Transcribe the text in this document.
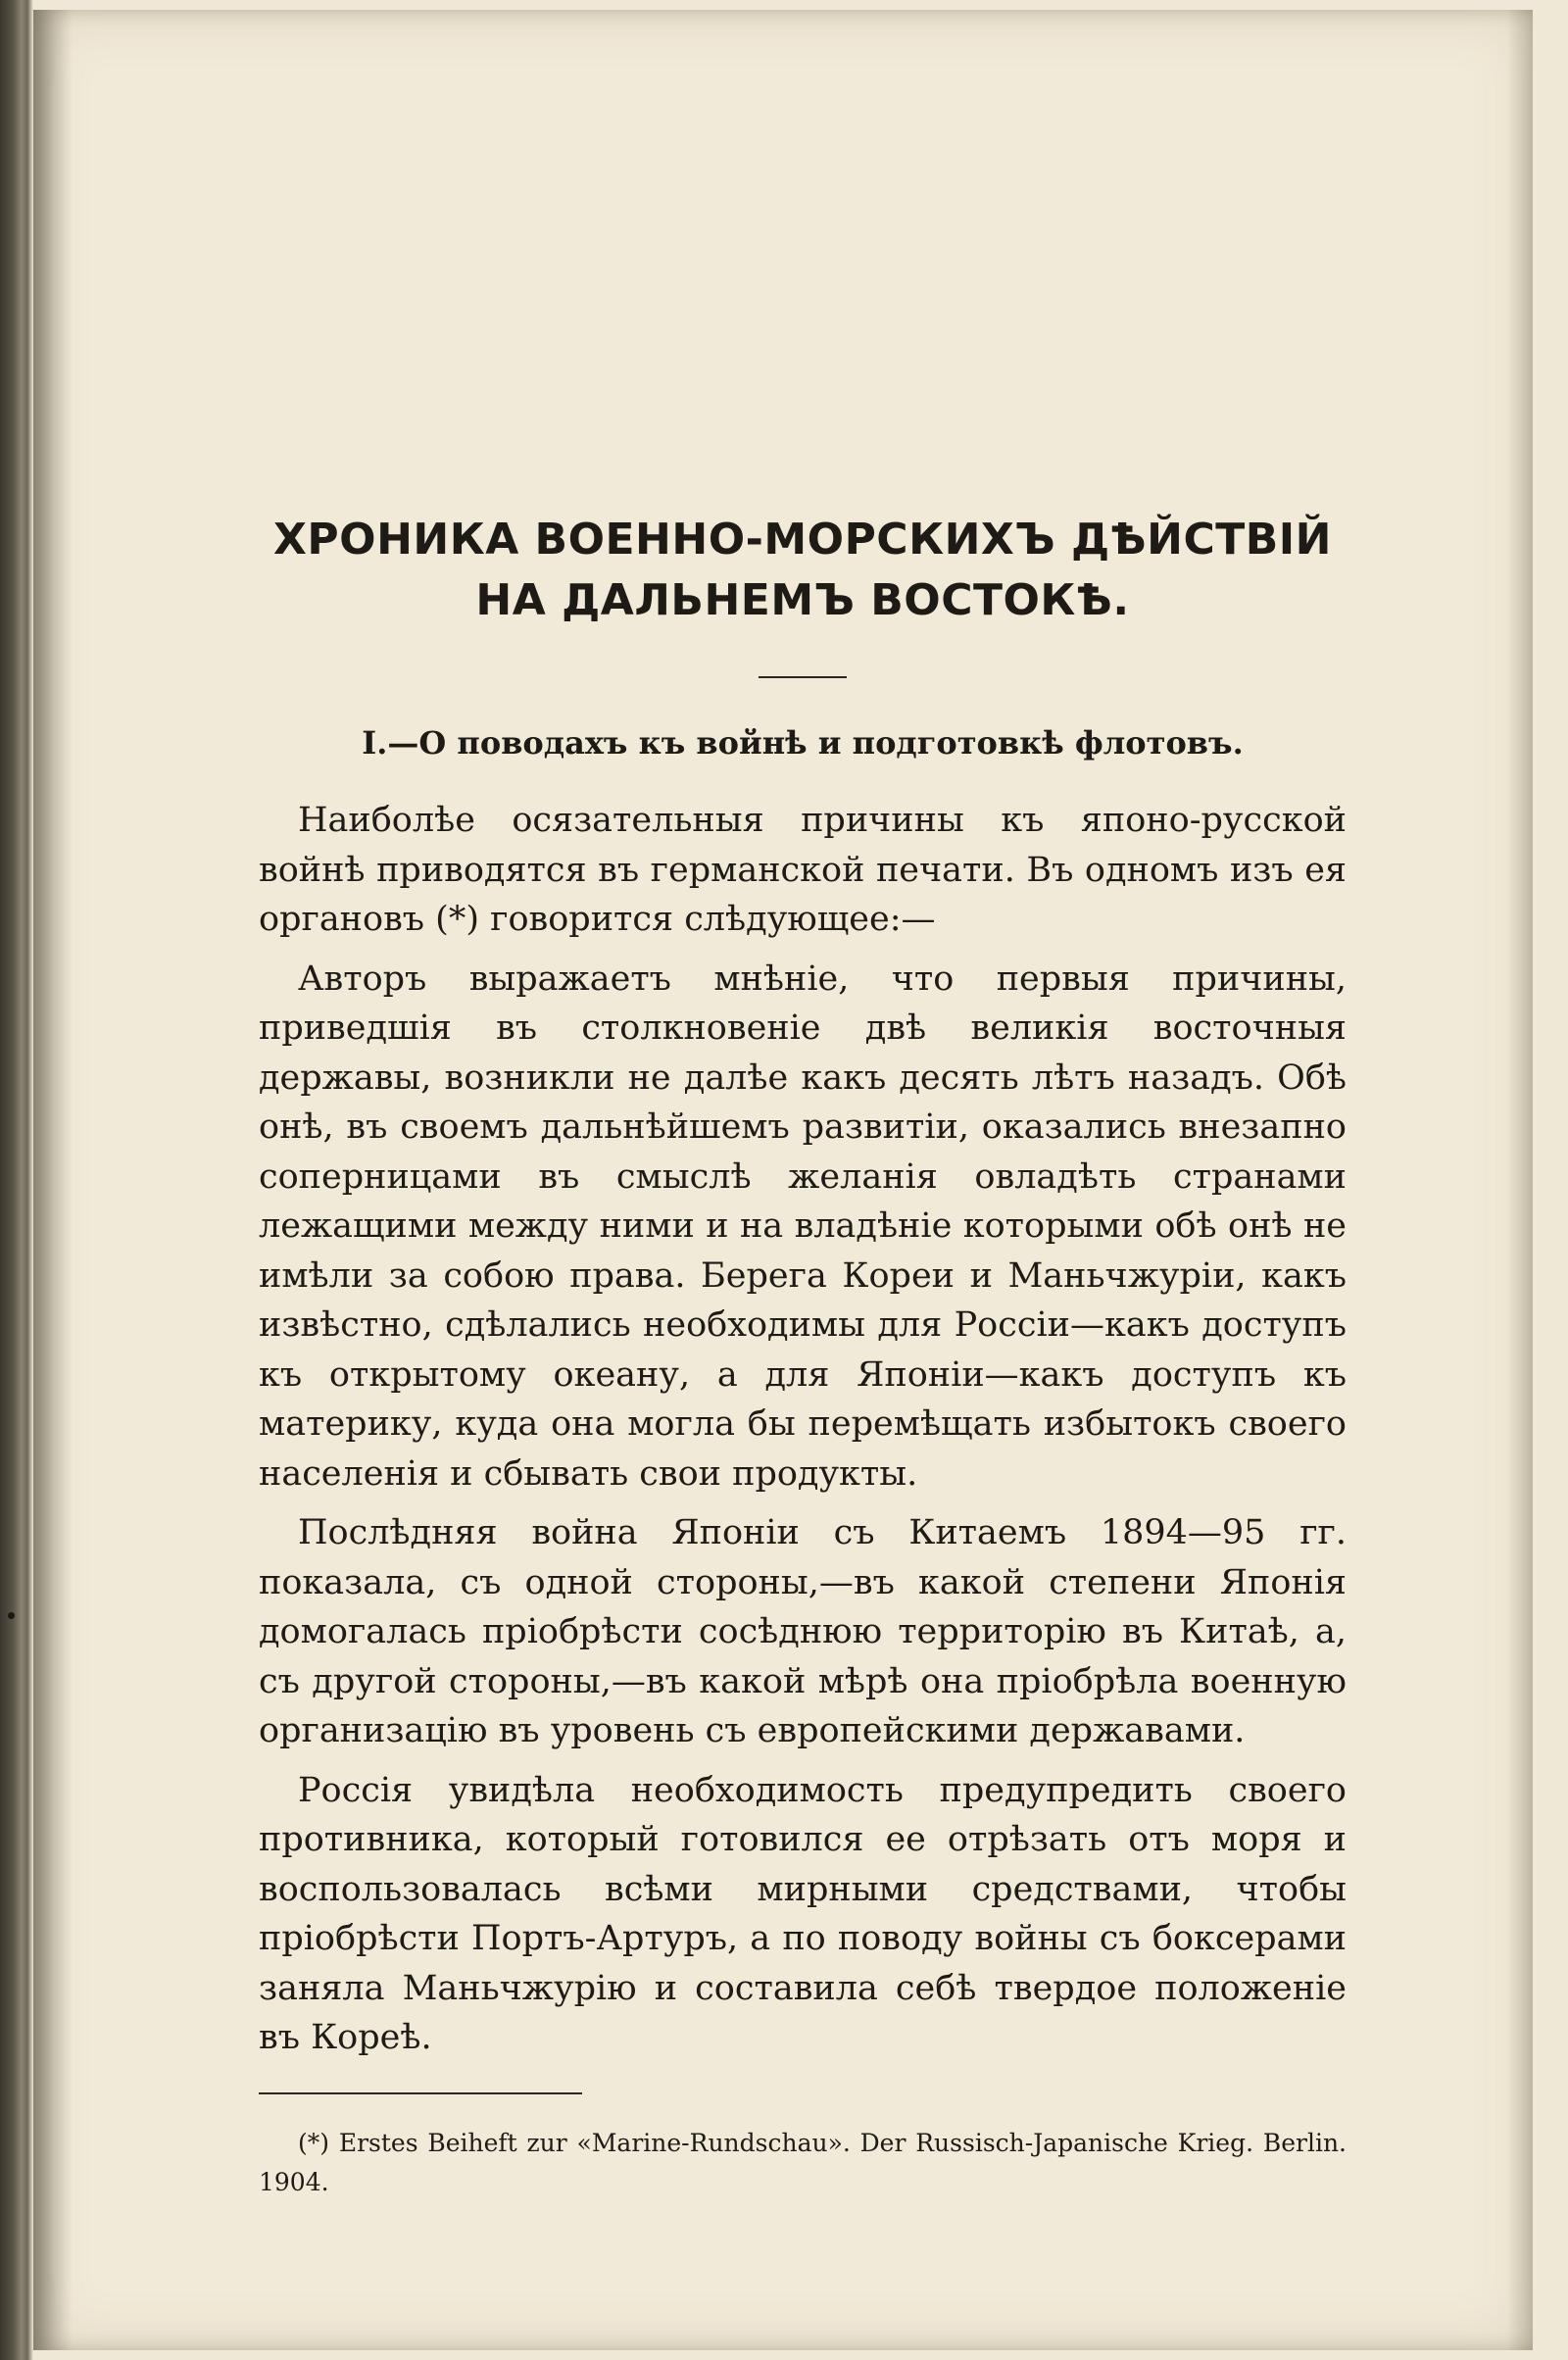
ХРОНИКА ВОЕННО-МОРСКИХЪ ДѢЙСТВІЙ НА ДАЛЬНЕМЪ ВОСТОКѢ.
I.—О поводахъ къ войнѣ и подготовкѣ флотовъ.

Наиболѣе осязательныя причины къ японо-русской войнѣ приводятся въ германской печати. Въ одномъ изъ ея органовъ (*) говорится слѣдующее:—

Авторъ выражаетъ мнѣніе, что первыя причины, приведшія въ столкновеніе двѣ великія восточныя державы, возникли не далѣе какъ десять лѣтъ назадъ. Обѣ онѣ, въ своемъ дальнѣйшемъ развитіи, оказались внезапно соперницами въ смыслѣ желанія овладѣть странами лежащими между ними и на владѣніе которыми обѣ онѣ не имѣли за собою права. Берега Кореи и Маньчжуріи, какъ извѣстно, сдѣлались необходимы для Россіи—какъ доступъ къ открытому океану, а для Японіи—какъ доступъ къ материку, куда она могла бы перемѣщать избытокъ своего населенія и сбывать свои продукты.

Послѣдняя война Японіи съ Китаемъ 1894—95 гг. показала, съ одной стороны,—въ какой степени Японія домогалась пріобрѣсти сосѣднюю территорію въ Китаѣ, а, съ другой стороны,—въ какой мѣрѣ она пріобрѣла военную организацію въ уровень съ европейскими державами.

Россія увидѣла необходимость предупредить своего противника, который готовился ее отрѣзать отъ моря и воспользовалась всѣми мирными средствами, чтобы пріобрѣсти Портъ-Артуръ, а по поводу войны съ боксерами заняла Маньчжурію и составила себѣ твердое положеніе въ Кореѣ.

(*) Erstes Beiheft zur «Marine-Rundschau». Der Russisch-Japanische Krieg. Berlin. 1904.
